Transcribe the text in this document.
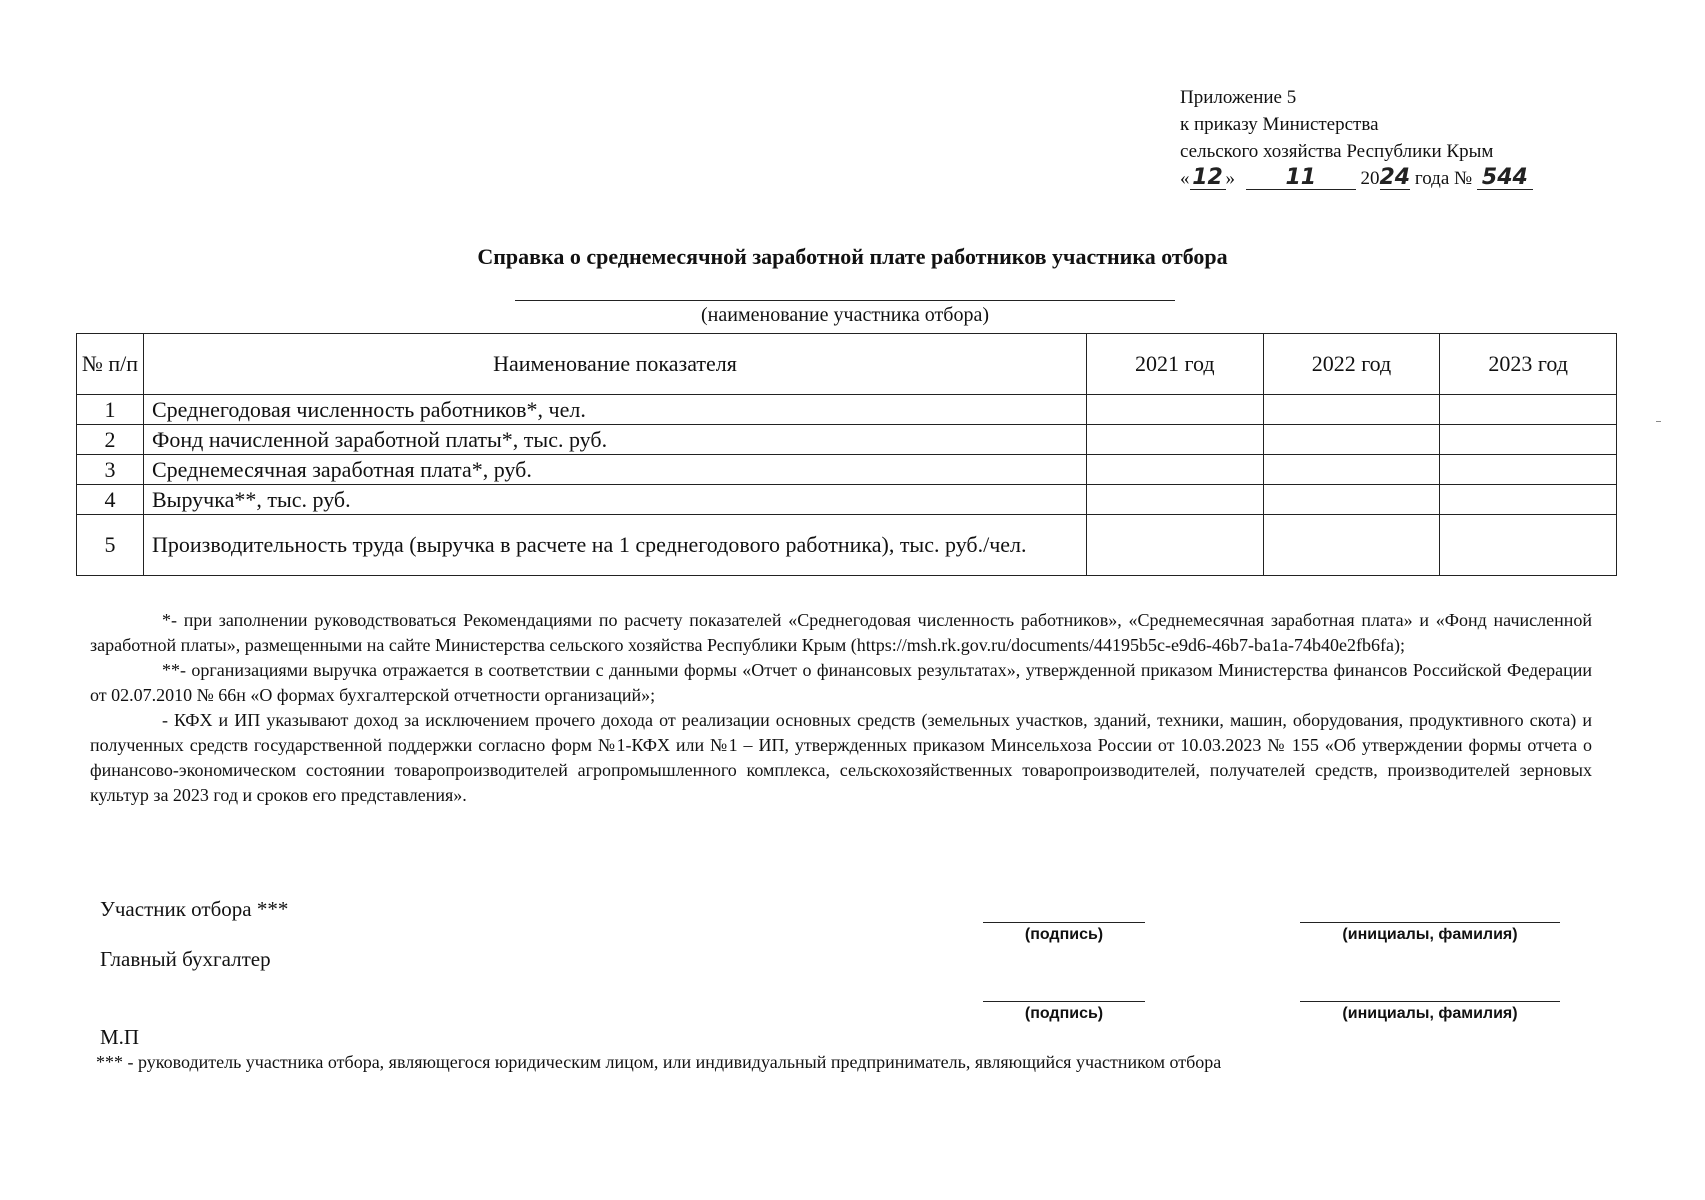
Приложение 5
к приказу Министерства
сельского хозяйства Республики Крым
« 12 » 11 2024 года № 544
Справка о среднемесячной заработной плате работников участника отбора
(наименование участника отбора)
№ п/п	Наименование показателя	2021 год	2022 год	2023 год
1	Среднегодовая численность работников*, чел.			
2	Фонд начисленной заработной платы*, тыс. руб.			
3	Среднемесячная заработная плата*, руб.			
4	Выручка**, тыс. руб.			
5	Производительность труда (выручка в расчете на 1 среднегодового работника), тыс. руб./чел.			

*- при заполнении руководствоваться Рекомендациями по расчету показателей «Среднегодовая численность работников», «Среднемесячная заработная плата» и «Фонд начисленной заработной платы», размещенными на сайте Министерства сельского хозяйства Республики Крым (https://msh.rk.gov.ru/documents/44195b5c-e9d6-46b7-ba1a-74b40e2fb6fa);

**- организациями выручка отражается в соответствии с данными формы «Отчет о финансовых результатах», утвержденной приказом Министерства финансов Российской Федерации от 02.07.2010 № 66н «О формах бухгалтерской отчетности организаций»;

- КФХ и ИП указывают доход за исключением прочего дохода от реализации основных средств (земельных участков, зданий, техники, машин, оборудования, продуктивного скота) и полученных средств государственной поддержки согласно форм №1-КФХ или №1 – ИП, утвержденных приказом Минсельхоза России от 10.03.2023 № 155 «Об утверждении формы отчета о финансово-экономическом состоянии товаропроизводителей агропромышленного комплекса, сельскохозяйственных товаропроизводителей, получателей средств, производителей зерновых культур за 2023 год и сроков его представления».

Участник отбора ***
(подпись)	(инициалы, фамилия)
Главный бухгалтер
(подпись)	(инициалы, фамилия)
М.П
*** - руководитель участника отбора, являющегося юридическим лицом, или индивидуальный предприниматель, являющийся участником отбора
